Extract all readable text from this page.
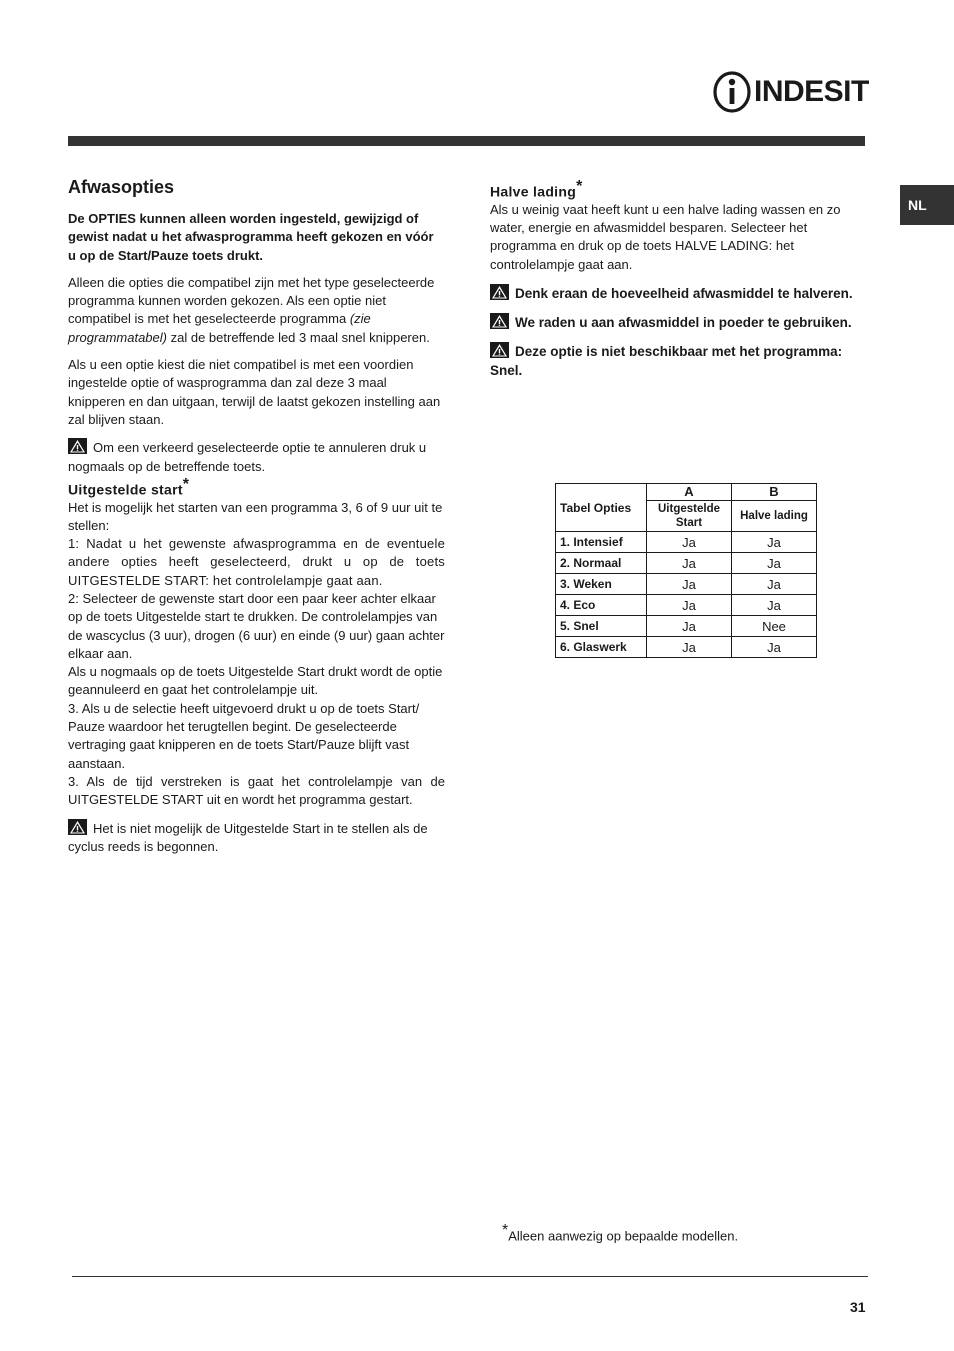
INDESIT
NL
Afwasopties

De OPTIES kunnen alleen worden ingesteld, gewijzigd of gewist nadat u het afwasprogramma heeft gekozen en vóór u op de Start/Pauze toets drukt.

Alleen die opties die compatibel zijn met het type geselecteerde programma kunnen worden gekozen. Als een optie niet compatibel is met het geselecteerde programma (zie programmatabel) zal de betreffende led 3 maal snel knipperen.

Als u een optie kiest die niet compatibel is met een voordien ingestelde optie of wasprogramma dan zal deze 3 maal knipperen en dan uitgaan, terwijl de laatst gekozen instelling aan zal blijven staan.

Om een verkeerd geselecteerde optie te annuleren druk u nogmaals op de betreffende toets.

Uitgestelde start*

Het is mogelijk het starten van een programma 3, 6 of 9 uur uit te stellen:

1: Nadat u het gewenste afwasprogramma en de eventuele andere opties heeft geselecteerd, drukt u op de toets UITGESTELDE START: het controlelampje gaat aan.

2: Selecteer de gewenste start door een paar keer achter elkaar op de toets Uitgestelde start te drukken. De controlelampjes van de wascyclus (3 uur), drogen (6 uur) en einde (9 uur) gaan achter elkaar aan.

Als u nogmaals op de toets Uitgestelde Start drukt wordt de optie geannuleerd en gaat het controlelampje uit.

3. Als u de selectie heeft uitgevoerd drukt u op de toets Start/ Pauze waardoor het terugtellen begint. De geselecteerde vertraging gaat knipperen en de toets Start/Pauze blijft vast aanstaan.

3. Als de tijd verstreken is gaat het controlelampje van de UITGESTELDE START uit en wordt het programma gestart.

Het is niet mogelijk de Uitgestelde Start in te stellen als de cyclus reeds is begonnen.

Halve lading*

Als u weinig vaat heeft kunt u een halve lading wassen en zo water, energie en afwasmiddel besparen. Selecteer het programma en druk op de toets HALVE LADING: het controlelampje gaat aan.

Denk eraan de hoeveelheid afwasmiddel te halveren.

We raden u aan afwasmiddel in poeder te gebruiken.

Deze optie is niet beschikbaar met het programma: Snel.

Tabel Opties	A	B
	Uitgestelde Start	Halve lading
1. Intensief	Ja	Ja
2. Normaal	Ja	Ja
3. Weken	Ja	Ja
4. Eco	Ja	Ja
5. Snel	Ja	Nee
6. Glaswerk	Ja	Ja
*Alleen aanwezig op bepaalde modellen.
31
